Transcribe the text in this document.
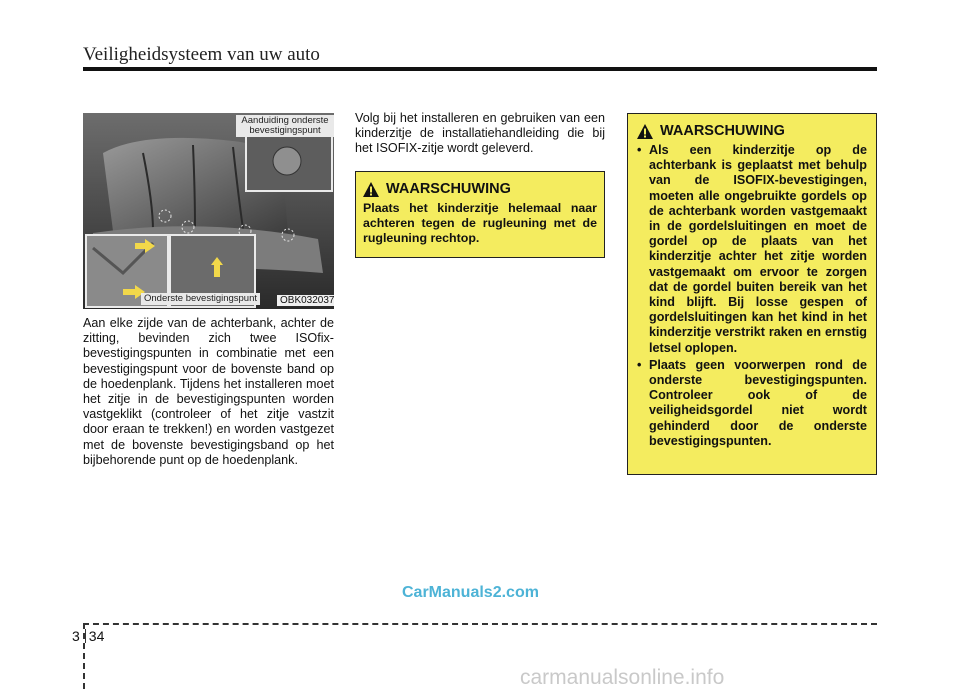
Veiligheidsysteem van uw auto
Aanduiding onderste bevestigingspunt
Onderste bevestigingspunt	OBK032037
Aan elke zijde van de achterbank, achter de zitting, bevinden zich twee ISOfix-bevestigingspunten in combinatie met een bevestigingspunt voor de bovenste band op de hoedenplank. Tijdens het installeren moet het zitje in de bevestigingspunten worden vastgeklikt (controleer of het zitje vastzit door eraan te trekken!) en worden vastgezet met de bovenste bevestigingsband op het bijbehorende punt op de hoedenplank.
Volg bij het installeren en gebruiken van een kinderzitje de installatiehandleiding die bij het ISOFIX-zitje wordt geleverd.
WAARSCHUWING
Plaats het kinderzitje helemaal naar achteren tegen de rugleuning met de rugleuning rechtop.
WAARSCHUWING
• Als een kinderzitje op de achterbank is geplaatst met behulp van de ISOFIX-bevestigingen, moeten alle ongebruikte gordels op de achterbank worden vastgemaakt in de gordelsluitingen en moet de gordel op de plaats van het kinderzitje achter het zitje worden vastgemaakt om ervoor te zorgen dat de gordel buiten bereik van het kind blijft. Bij losse gespen of gordelsluitingen kan het kind in het kinderzitje verstrikt raken en ernstig letsel oplopen.
• Plaats geen voorwerpen rond de onderste bevestigingspunten. Controleer ook of de veiligheidsgordel niet wordt gehinderd door de onderste bevestigingspunten.
CarManuals2.com
3 34
carmanualsonline.info
